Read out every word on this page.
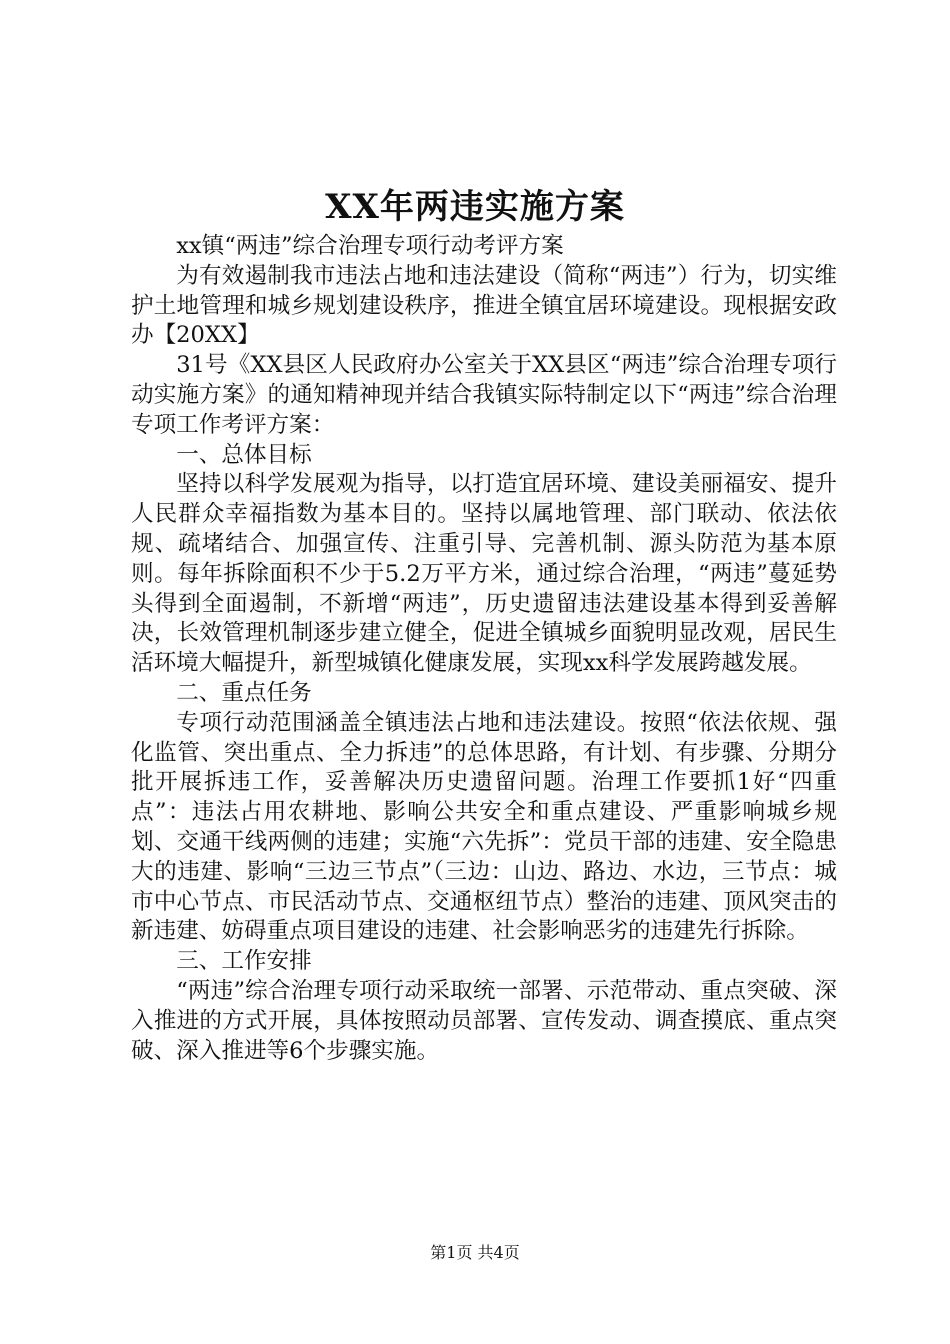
XX年两违实施方案

xx镇“两违”综合治理专项行动考评方案

为有效遏制我市违法占地和违法建设（简称“两违”）行为，切实维护土地管理和城乡规划建设秩序，推进全镇宜居环境建设。现根据安政办【20XX】

31号《XX县区人民政府办公室关于XX县区“两违”综合治理专项行动实施方案》的通知精神现并结合我镇实际特制定以下“两违”综合治理专项工作考评方案：

一、总体目标

坚持以科学发展观为指导，以打造宜居环境、建设美丽福安、提升人民群众幸福指数为基本目的。坚持以属地管理、部门联动、依法依规、疏堵结合、加强宣传、注重引导、完善机制、源头防范为基本原则。每年拆除面积不少于5.2万平方米，通过综合治理，“两违”蔓延势头得到全面遏制，不新增“两违”，历史遗留违法建设基本得到妥善解决，长效管理机制逐步建立健全，促进全镇城乡面貌明显改观，居民生活环境大幅提升，新型城镇化健康发展，实现xx科学发展跨越发展。

二、重点任务

专项行动范围涵盖全镇违法占地和违法建设。按照“依法依规、强化监管、突出重点、全力拆违”的总体思路，有计划、有步骤、分期分批开展拆违工作，妥善解决历史遗留问题。治理工作要抓1好“四重点”：违法占用农耕地、影响公共安全和重点建设、严重影响城乡规划、交通干线两侧的违建；实施“六先拆”：党员干部的违建、安全隐患大的违建、影响“三边三节点”（三边：山边、路边、水边，三节点：城市中心节点、市民活动节点、交通枢纽节点）整治的违建、顶风突击的新违建、妨碍重点项目建设的违建、社会影响恶劣的违建先行拆除。

三、工作安排

“两违”综合治理专项行动采取统一部署、示范带动、重点突破、深入推进的方式开展，具体按照动员部署、宣传发动、调查摸底、重点突破、深入推进等6个步骤实施。

第1页 共4页
